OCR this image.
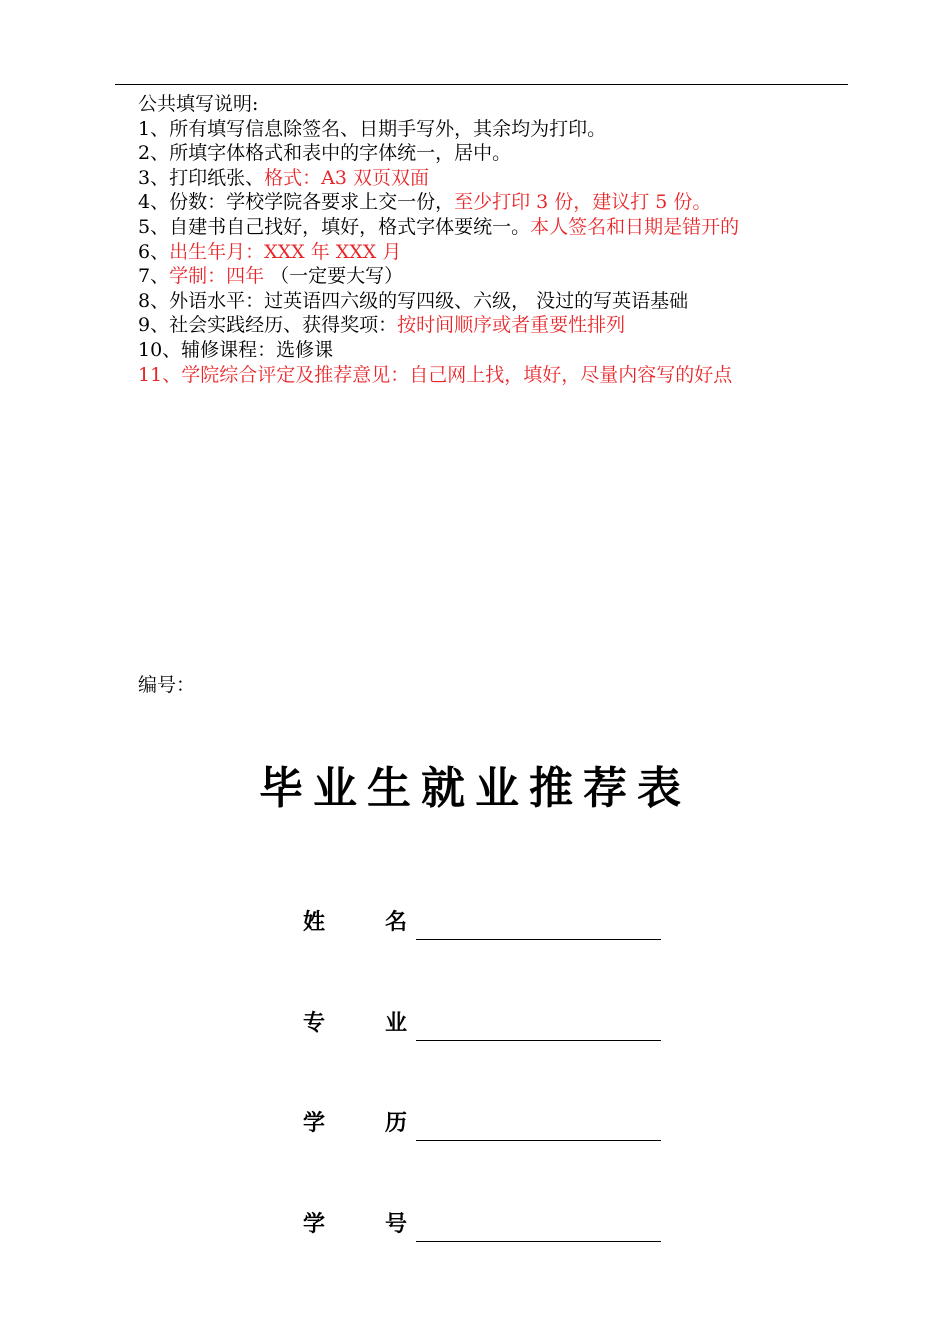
公共填写说明:
1、所有填写信息除签名、日期手写外，其余均为打印。
2、所填字体格式和表中的字体统一，居中。
3、打印纸张、格式：A3 双页双面
4、份数：学校学院各要求上交一份，至少打印 3 份，建议打 5 份。
5、自建书自己找好，填好，格式字体要统一。本人签名和日期是错开的
6、出生年月：XXX 年 XXX 月
7、学制：四年 （一定要大写）
8、外语水平：过英语四六级的写四级、六级， 没过的写英语基础
9、社会实践经历、获得奖项：按时间顺序或者重要性排列
10、辅修课程：选修课
11、学院综合评定及推荐意见：自己网上找，填好，尽量内容写的好点
编号：
毕业生就业推荐表
姓	名
专	业
学	历
学	号
